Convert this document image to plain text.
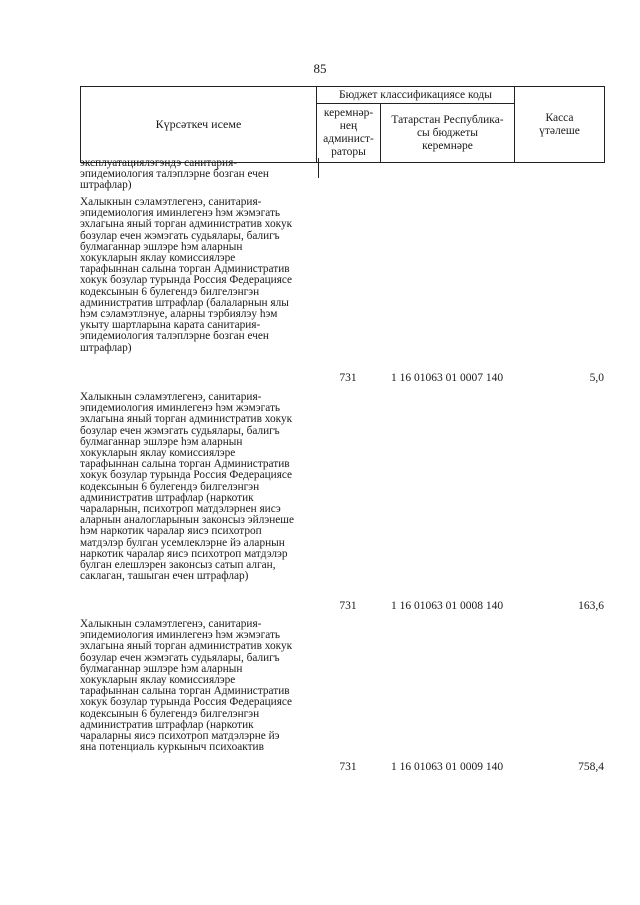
85
Күрсәткеч исеме	Бюджет классификациясе коды		Касса
үтәлеше
	керемнәр-
нең
админист-
раторы	Татарстан Республика-
сы бюджеты
керемнәре	

эксплуатациялэгэндэ санитария-
эпидемиология талэплэрне бозган ечен
штрафлар)

Халыкнын сэламэтлегенэ, санитария-
эпидемиология иминлегенэ һэм жэмэгать
эхлагына яный торган административ хокук
бозулар ечен жэмэгать судьялары, балигъ
булмаганнар эшлэре һэм аларнын
хокукларын яклау комиссиялэре
тарафыннан салына торган Административ
хокук бозулар турында Россия Федерациясе
кодексынын 6 булегендэ билгелэнгэн
административ штрафлар (балаларнын ялы
һэм сэламэтлэнуе, аларны тэрбиялэу һэм
укыту шартларына карата санитария-
эпидемиология талэплэрне бозган ечен
штрафлар)

731	1 16 01063 01 0007 140	5,0

Халыкнын сэламэтлегенэ, санитария-
эпидемиология иминлегенэ һэм жэмэгать
эхлагына яный торган административ хокук
бозулар ечен жэмэгать судьялары, балигъ
булмаганнар эшлэре һэм аларнын
хокукларын яклау комиссиялэре
тарафыннан салына торган Административ
хокук бозулар турында Россия Федерациясе
кодексынын 6 булегендэ билгелэнгэн
административ штрафлар (наркотик
чараларнын, психотроп матдэлэрнен яисэ
аларнын аналогларынын законсыз эйлэнеше
һэм наркотик чаралар яисэ психотроп
матдэлэр булган усемлеклэрне йэ аларнын
наркотик чаралар яисэ психотроп матдэлэр
булган елешлэрен законсыз сатып алган,
саклаган, ташыган ечен штрафлар)

731	1 16 01063 01 0008 140	163,6

Халыкнын сэламэтлегенэ, санитария-
эпидемиология иминлегенэ һэм жэмэгать
эхлагына яный торган административ хокук
бозулар ечен жэмэгать судьялары, балигъ
булмаганнар эшлэре һэм аларнын
хокукларын яклау комиссиялэре
тарафыннан салына торган Административ
хокук бозулар турында Россия Федерациясе
кодексынын 6 булегендэ билгелэнгэн
административ штрафлар (наркотик
чараларны яисэ психотроп матдэлэрне йэ
яна потенциаль куркыныч психоактив

731	1 16 01063 01 0009 140	758,4
